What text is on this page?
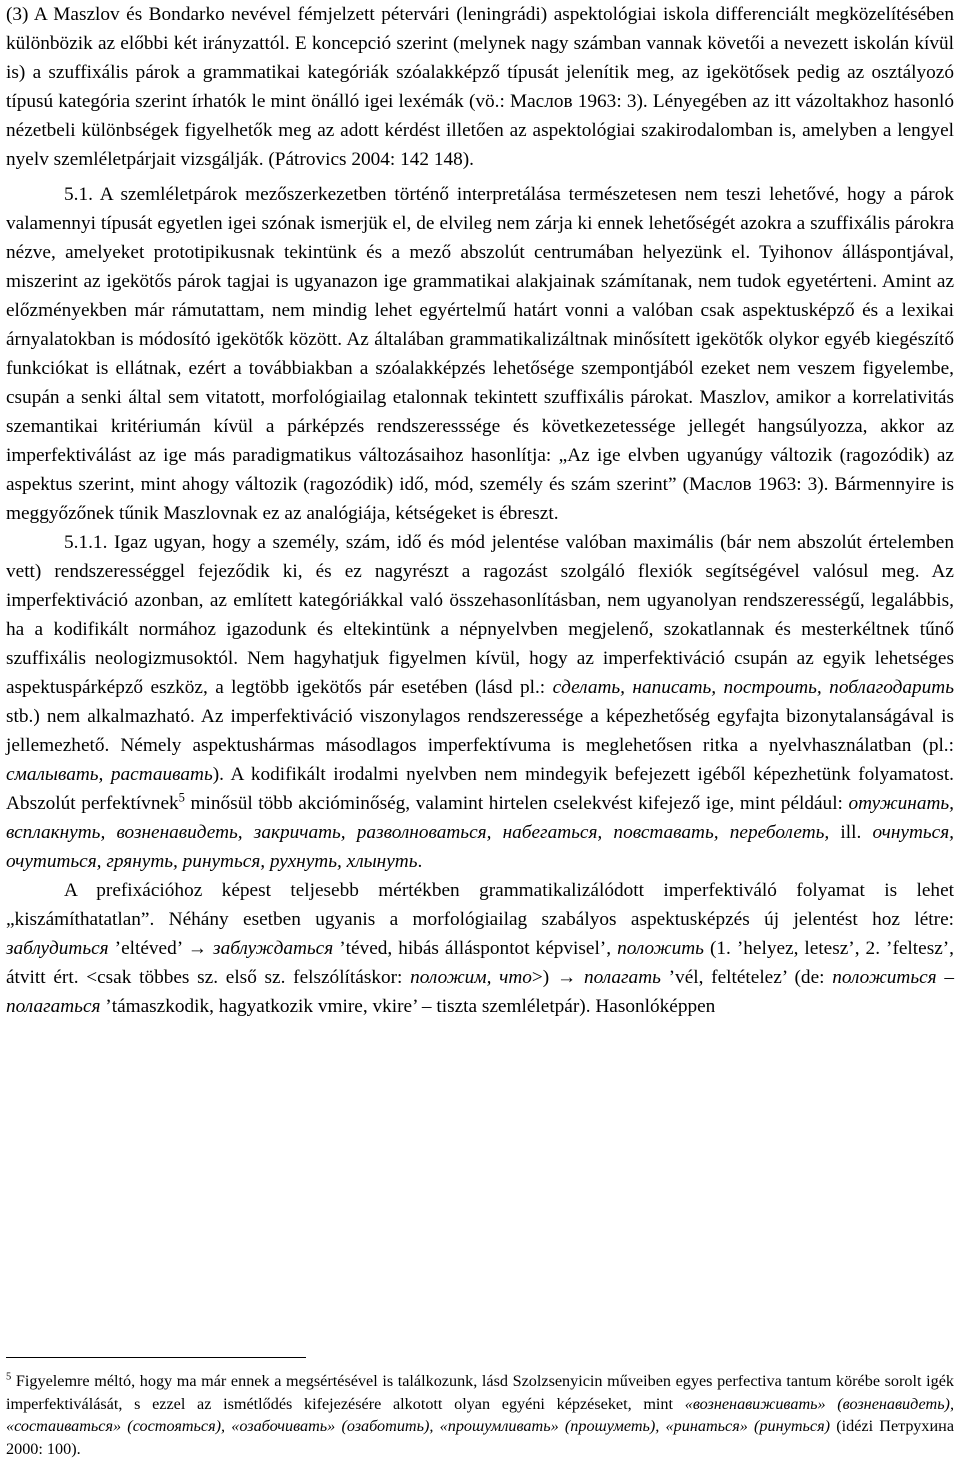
(3) A Maszlov és Bondarko nevével fémjelzett pétervári (leningrádi) aspektológiai iskola differenciált megközelítésében különbözik az előbbi két irányzattól. E koncepció szerint (melynek nagy számban vannak követői a nevezett iskolán kívül is) a szuffixális párok a grammatikai kategóriák szóalakképző típusát jelenítik meg, az igekötősek pedig az osztályozó típusú kategória szerint írhatók le mint önálló igei lexémák (vö.: Маслов 1963: 3). Lényegében az itt vázoltakhoz hasonló nézetbeli különbségek figyelhetők meg az adott kérdést illetően az aspektológiai szakirodalomban is, amelyben a lengyel nyelv szemléletpárjait vizsgálják. (Pátrovics 2004: 142 148).

5.1. A szemléletpárok mezőszerkezetben történő interpretálása természetesen nem teszi lehetővé, hogy a párok valamennyi típusát egyetlen igei szónak ismerjük el, de elvileg nem zárja ki ennek lehetőségét azokra a szuffixális párokra nézve, amelyeket prototipikusnak tekintünk és a mező abszolút centrumában helyezünk el. Tyihonov álláspontjával, miszerint az igekötős párok tagjai is ugyanazon ige grammatikai alakjainak számítanak, nem tudok egyetérteni. Amint az előzményekben már rámutattam, nem mindig lehet egyértelmű határt vonni a valóban csak aspektusképző és a lexikai árnyalatokban is módosító igekötők között. Az általában grammatikalizáltnak minősített igekötők olykor egyéb kiegészítő funkciókat is ellátnak, ezért a továbbiakban a szóalakképzés lehetősége szempontjából ezeket nem veszem figyelembe, csupán a senki által sem vitatott, morfológiailag etalonnak tekintett szuffixális párokat. Maszlov, amikor a korrelativitás szemantikai kritériumán kívül a párképzés rendszeresssége és következetessége jellegét hangsúlyozza, akkor az imperfektiválást az ige más paradigmatikus változásaihoz hasonlítja: „Az ige elvben ugyanúgy változik (ragozódik) az aspektus szerint, mint ahogy változik (ragozódik) idő, mód, személy és szám szerint” (Маслов 1963: 3). Bármennyire is meggyőzőnek tűnik Maszlovnak ez az analógiája, kétségeket is ébreszt.

5.1.1. Igaz ugyan, hogy a személy, szám, idő és mód jelentése valóban maximális (bár nem abszolút értelemben vett) rendszerességgel fejeződik ki, és ez nagyrészt a ragozást szolgáló flexiók segítségével valósul meg. Az imperfektiváció azonban, az említett kategóriákkal való összehasonlításban, nem ugyanolyan rendszerességű, legalábbis, ha a kodifikált normához igazodunk és eltekintünk a népnyelvben megjelenő, szokatlannak és mesterkéltnek tűnő szuffixális neologizmusoktól. Nem hagyhatjuk figyelmen kívül, hogy az imperfektiváció csupán az egyik lehetséges aspektuspárképző eszköz, a legtöbb igekötős pár esetében (lásd pl.: сделать, написать, построить, поблагодарить stb.) nem alkalmazható. Az imperfektiváció viszonylagos rendszeressége a képezhetőség egyfajta bizonytalanságával is jellemezhető. Némely aspektushármas másodlagos imperfektívuma is meglehetősen ritka a nyelvhasználatban (pl.: смалывать, растаивать). A kodifikált irodalmi nyelvben nem mindegyik befejezett igéből képezhetünk folyamatost. Abszolút perfektívnek$^5$ minősül több akcióminőség, valamint hirtelen cselekvést kifejező ige, mint például: отужинать, всплакнуть, возненавидеть, закричать, разволноваться, набегаться, повставать, переболеть, ill. очнуться, очутиться, грянуть, ринуться, рухнуть, хлынуть.

A prefixációhoz képest teljesebb mértékben grammatikalizálódott imperfektiváló folyamat is lehet „kiszámíthatatlan”. Néhány esetben ugyanis a morfológiailag szabályos aspektusképzés új jelentést hoz létre: заблудиться ’eltéved’ → заблуждаться ’téved, hibás álláspontot képvisel’, положить (1. ’helyez, letesz’, 2. ’feltesz’, átvitt ért. <csak többes sz. első sz. felszólításkor: положим, что>) → полагать ’vél, feltételez’ (de: положиться – полагаться ’támaszkodik, hagyatkozik vmire, vkire’ – tiszta szemléletpár). Hasonlóképpen

$^5$ Figyelemre méltó, hogy ma már ennek a megsértésével is találkozunk, lásd Szolzsenyicin műveiben egyes perfectiva tantum körébe sorolt igék imperfektiválását, s ezzel az ismétlődés kifejezésére alkotott olyan egyéni képzéseket, mint «возненавиживать» (возненавидеть), «состаиваться» (состояться), «озабочивать» (озаботить), «прошумливать» (прошуметь), «ринаться» (ринуться) (idézi Петрухина 2000: 100).
